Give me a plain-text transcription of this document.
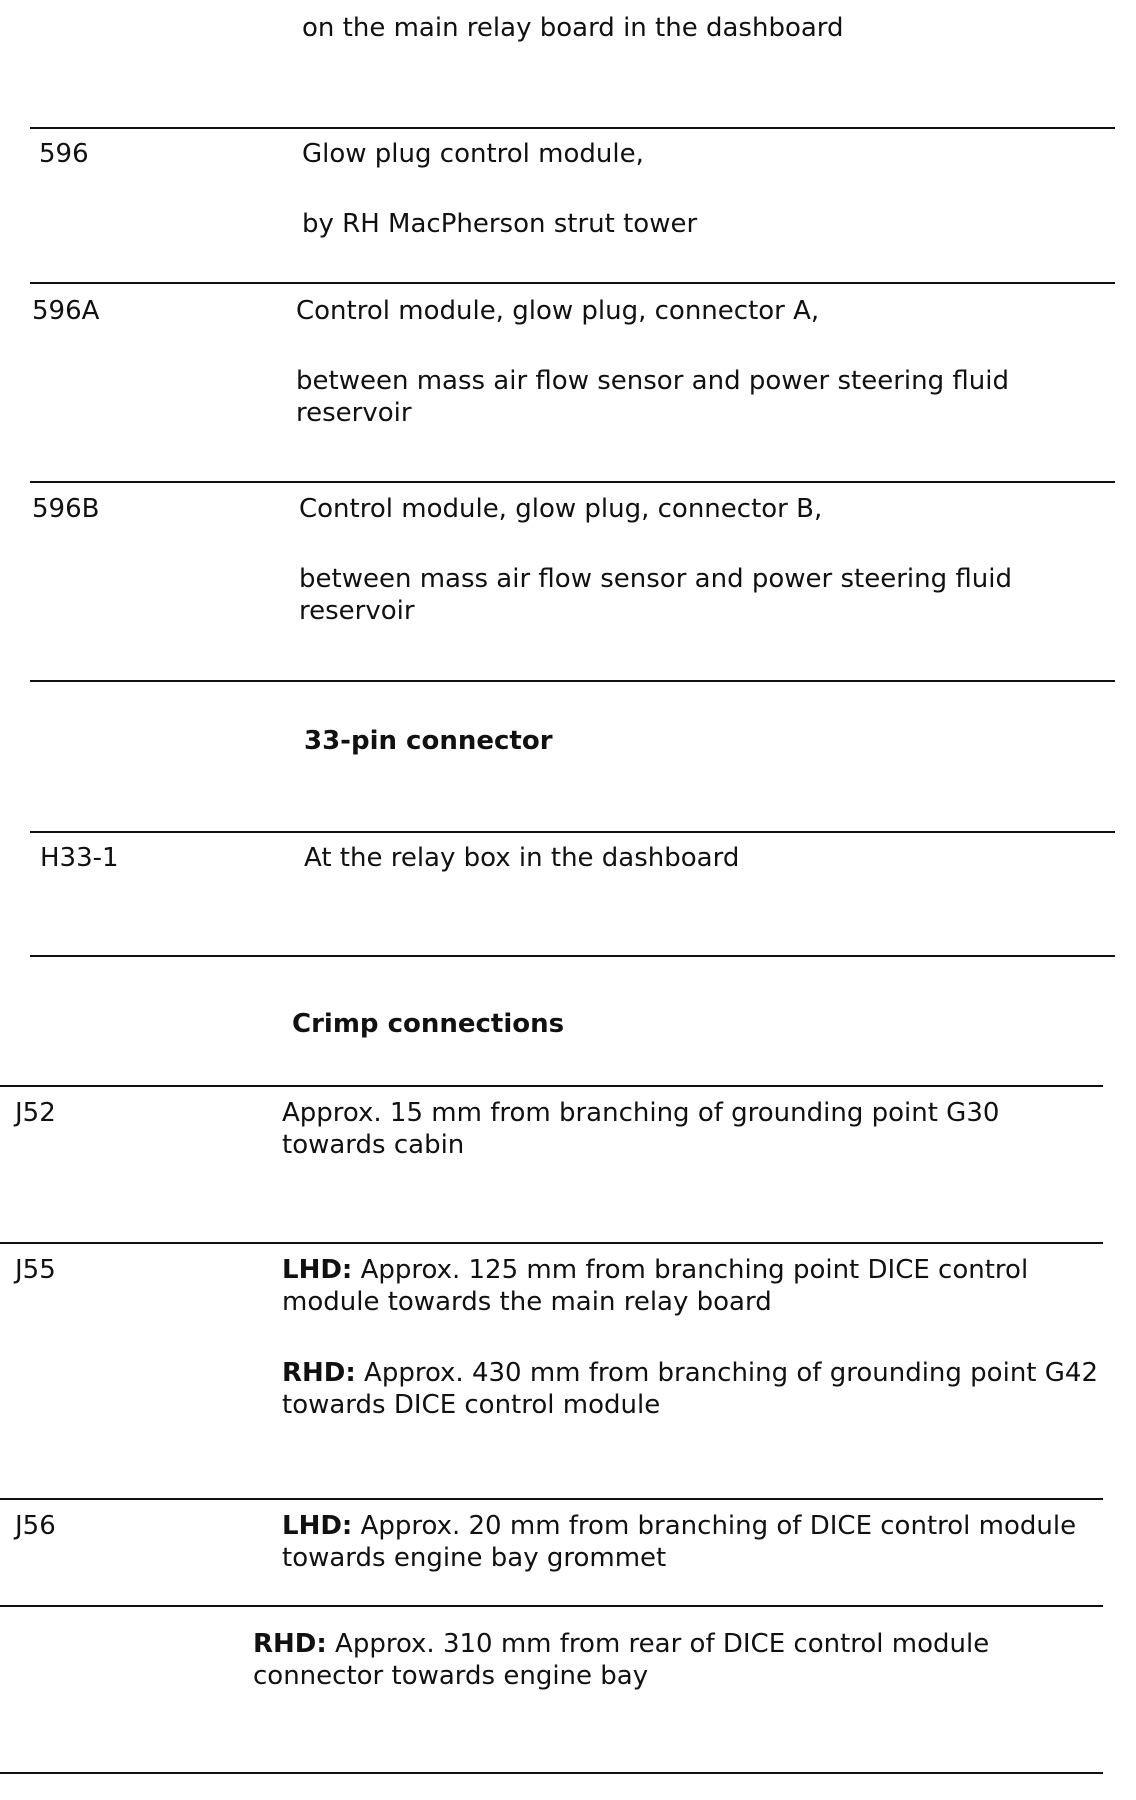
on the main relay board in the dashboard
596	Glow plug control module,
by RH MacPherson strut tower
596A	Control module, glow plug, connector A,
between mass air flow sensor and power steering fluid reservoir
596B	Control module, glow plug, connector B,
between mass air flow sensor and power steering fluid reservoir
33-pin connector
H33-1	At the relay box in the dashboard
Crimp connections
J52	Approx. 15 mm from branching of grounding point G30 towards cabin
J55	LHD: Approx. 125 mm from branching point DICE control module towards the main relay board
RHD: Approx. 430 mm from branching of grounding point G42 towards DICE control module
J56	LHD: Approx. 20 mm from branching of DICE control module towards engine bay grommet
RHD: Approx. 310 mm from rear of DICE control module connector towards engine bay
